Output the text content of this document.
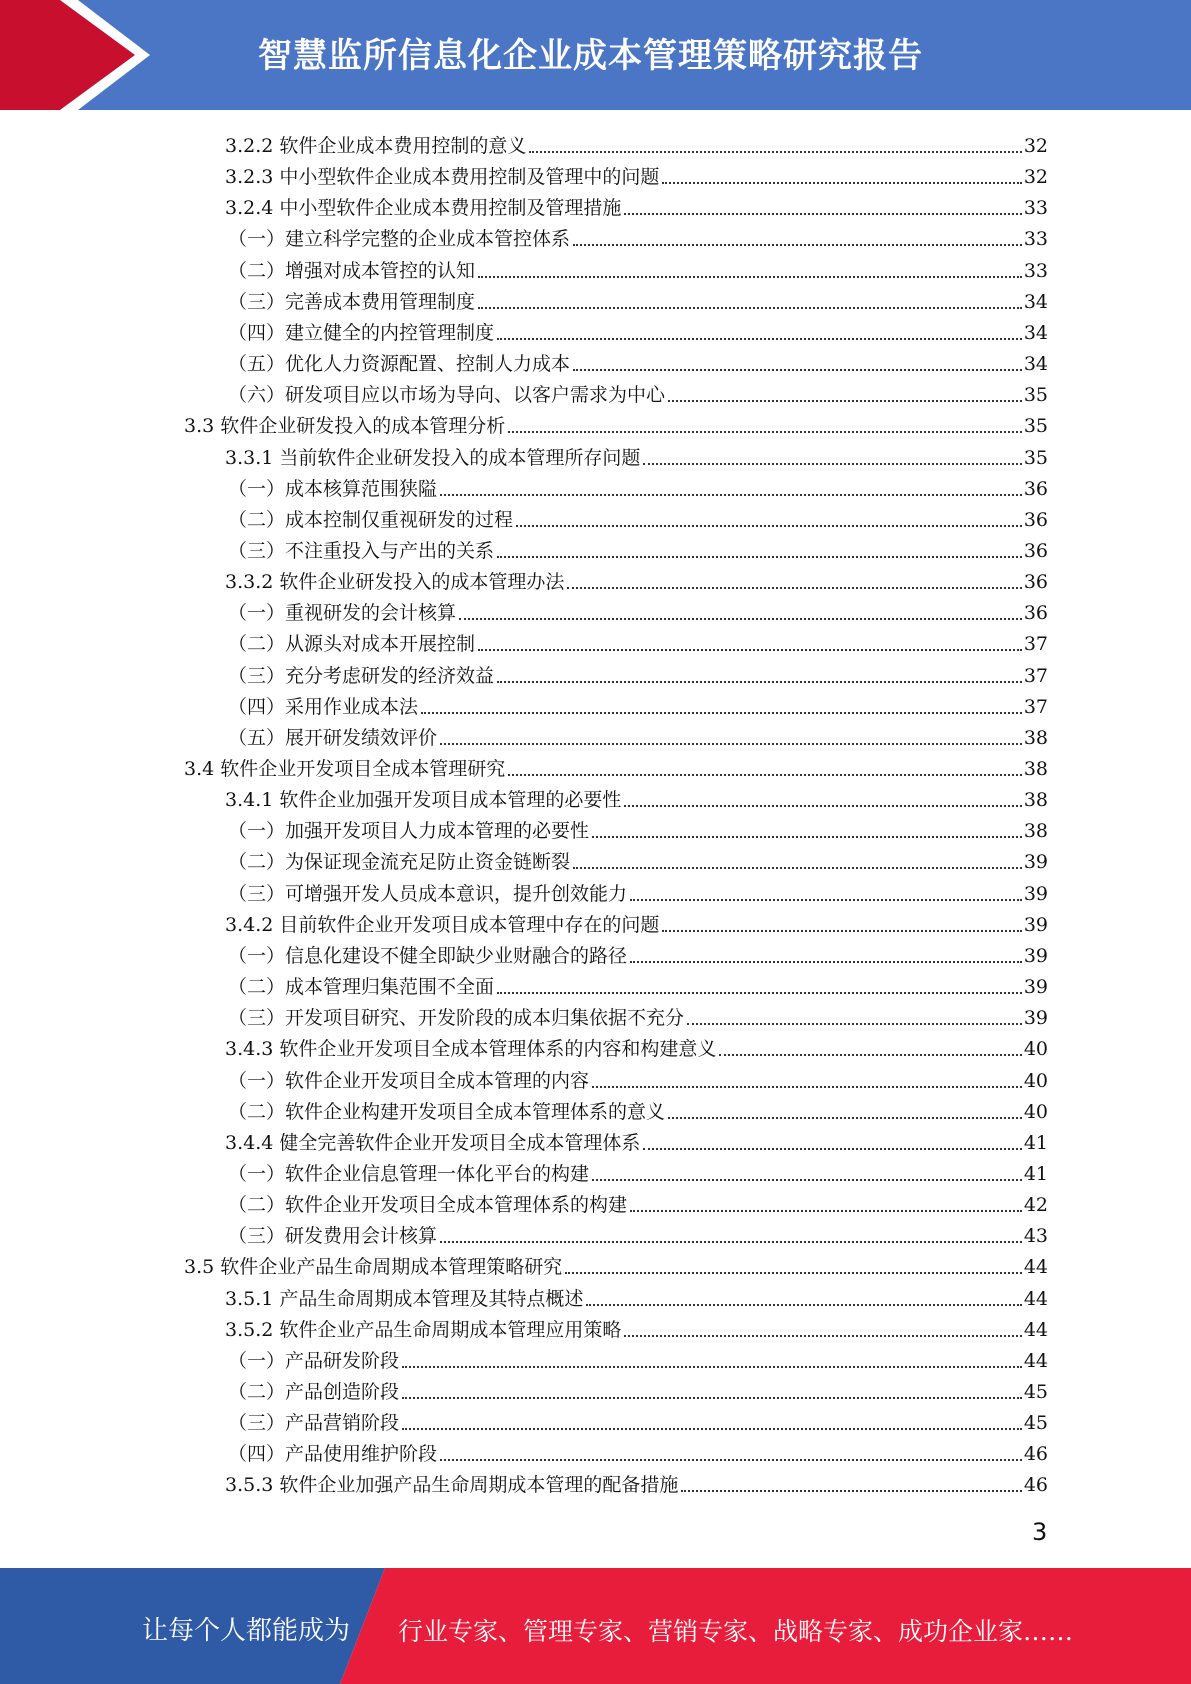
智慧监所信息化企业成本管理策略研究报告
3.2.2 软件企业成本费用控制的意义	32
3.2.3 中小型软件企业成本费用控制及管理中的问题	32
3.2.4 中小型软件企业成本费用控制及管理措施	33
（一）建立科学完整的企业成本管控体系	33
（二）增强对成本管控的认知	33
（三）完善成本费用管理制度	34
（四）建立健全的内控管理制度	34
（五）优化人力资源配置、控制人力成本	34
（六）研发项目应以市场为导向、以客户需求为中心	35
3.3 软件企业研发投入的成本管理分析	35
3.3.1 当前软件企业研发投入的成本管理所存问题	35
（一）成本核算范围狭隘	36
（二）成本控制仅重视研发的过程	36
（三）不注重投入与产出的关系	36
3.3.2 软件企业研发投入的成本管理办法	36
（一）重视研发的会计核算	36
（二）从源头对成本开展控制	37
（三）充分考虑研发的经济效益	37
（四）采用作业成本法	37
（五）展开研发绩效评价	38
3.4 软件企业开发项目全成本管理研究	38
3.4.1 软件企业加强开发项目成本管理的必要性	38
（一）加强开发项目人力成本管理的必要性	38
（二）为保证现金流充足防止资金链断裂	39
（三）可增强开发人员成本意识，提升创效能力	39
3.4.2 目前软件企业开发项目成本管理中存在的问题	39
（一）信息化建设不健全即缺少业财融合的路径	39
（二）成本管理归集范围不全面	39
（三）开发项目研究、开发阶段的成本归集依据不充分	39
3.4.3 软件企业开发项目全成本管理体系的内容和构建意义	40
（一）软件企业开发项目全成本管理的内容	40
（二）软件企业构建开发项目全成本管理体系的意义	40
3.4.4 健全完善软件企业开发项目全成本管理体系	41
（一）软件企业信息管理一体化平台的构建	41
（二）软件企业开发项目全成本管理体系的构建	42
（三）研发费用会计核算	43
3.5 软件企业产品生命周期成本管理策略研究	44
3.5.1 产品生命周期成本管理及其特点概述	44
3.5.2 软件企业产品生命周期成本管理应用策略	44
（一）产品研发阶段	44
（二）产品创造阶段	45
（三）产品营销阶段	45
（四）产品使用维护阶段	46
3.5.3 软件企业加强产品生命周期成本管理的配备措施	46
3
让每个人都能成为 行业专家、管理专家、营销专家、战略专家、成功企业家……
